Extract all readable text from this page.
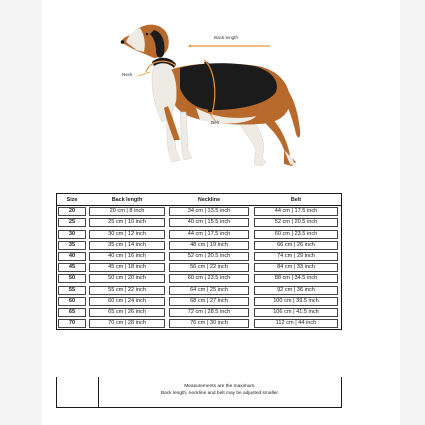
Back length
Neck
Belt
Size	Back length	Neckline	Belt
20	20 cm | 8 inch	34 cm | 13.5 inch	44 cm | 17.5 inch
25	25 cm | 10 inch	40 cm | 15.5 inch	52 cm | 20.5 inch
30	30 cm | 12 inch	44 cm | 17.5 inch	60 cm | 23.5 inch
35	35 cm | 14 inch	48 cm | 19 inch	66 cm | 26 inch
40	40 cm | 16 inch	52 cm | 20.5 inch	74 cm | 29 inch
45	45 cm | 18 inch	56 cm | 22 inch	84 cm | 33 inch
50	50 cm | 20 inch	60 cm | 23.5 inch	88 cm | 34.5 inch
55	55 cm | 22 inch	64 cm | 25 inch	92 cm | 36 inch
60	60 cm | 24 inch	68 cm | 27 inch	100 cm | 39.5 inch
65	65 cm | 26 inch	72 cm | 28.5 inch	106 cm | 41.5 inch
70	70 cm | 28 inch	76 cm | 30 inch	112 cm | 44 inch
Measurements are the maximum.
Back length, neckline and belt may be adjusted smaller.
